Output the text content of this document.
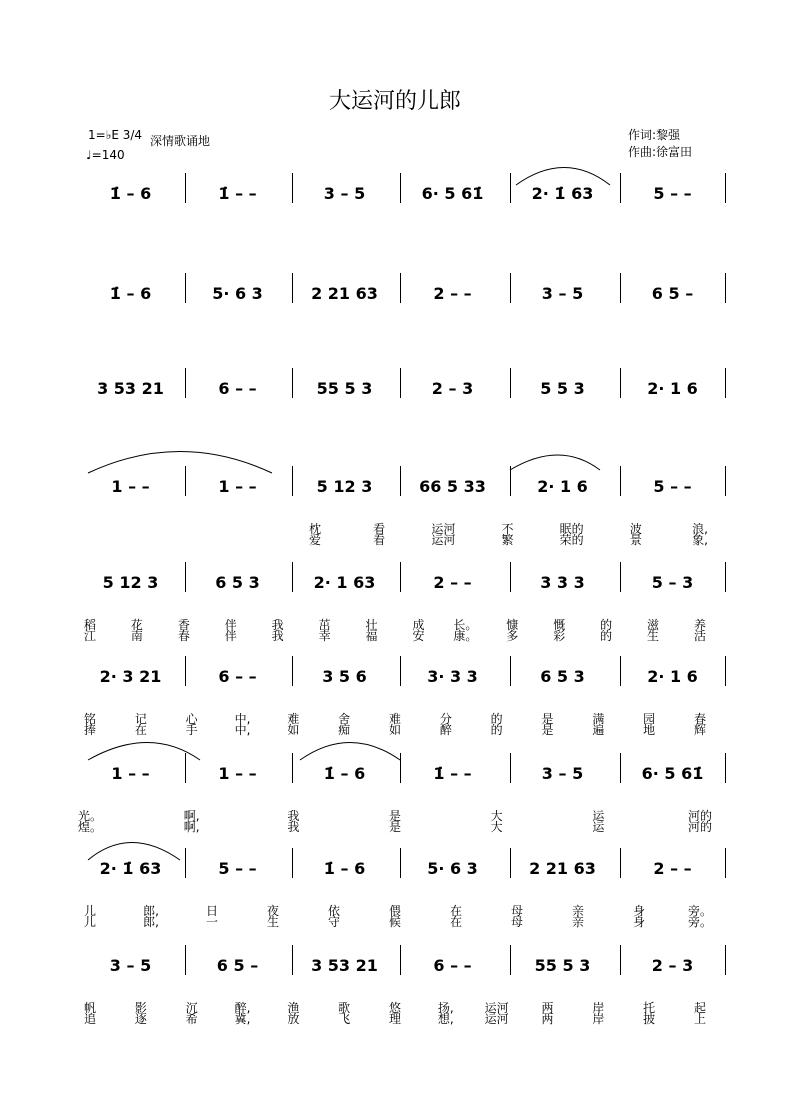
大运河的儿郎
1=♭E 3/4 深情歌诵地
♩=140
作词:黎强
作曲:徐富田
1̇ – 6	1̇ – –	3 – 5	6· 5 61̇	2· 1̇ 63	5 – –
1̇ – 6	5· 6 3	2 21 63	2 – –	3 – 5	6 5 –
3 53 21	6 – –	55 5 3	2 – 3	5 5 3	2· 1 6
1 – –	1 – –	5 12 3	66 5 33	2· 1 6	5 – –
枕	看	运河	不	眠的	波	浪,
爱	看	运河	繁	荣的	景	象,
5 12 3	6 5 3	2· 1 63	2 – –	3 3 3	5 – 3
稻	花	香	伴	我	茁	壮	成 长。 慷	慨	的	滋	养
江	南	春	伴	我	幸	福	安 康。 多	彩	的	生	活
2· 3 21	6 – –	3 5 6	3· 3 3	6 5 3	2· 1 6
铭	记	心	中,	难	舍	难	分	的	是	满	园	春
捧	在	手	中,	如	痴	如	醉	的	是	遍	地	辉
1 – –	1 – –	1̇ – 6	1̇ – –	3 – 5	6· 5 61̇
光。	啊,	我	是	大	运	河的
煌。	啊,	我	是	大	运	河的
2· 1̇ 63	5 – –	1̇ – 6	5· 6 3	2 21 63	2 – –
儿	郎,	日	夜	依	偎	在	母	亲	身	旁。
儿	郎,	一	生	守	候	在	母	亲	身	旁。
3 – 5	6 5 –	3 53 21	6 – –	55 5 3	2 – 3
帆	影	沉	醉,	渔	歌	悠	扬,	运河	两	岸	托	起
追	逐	希	冀,	放	飞	理	想,	运河	两	岸	披	上
